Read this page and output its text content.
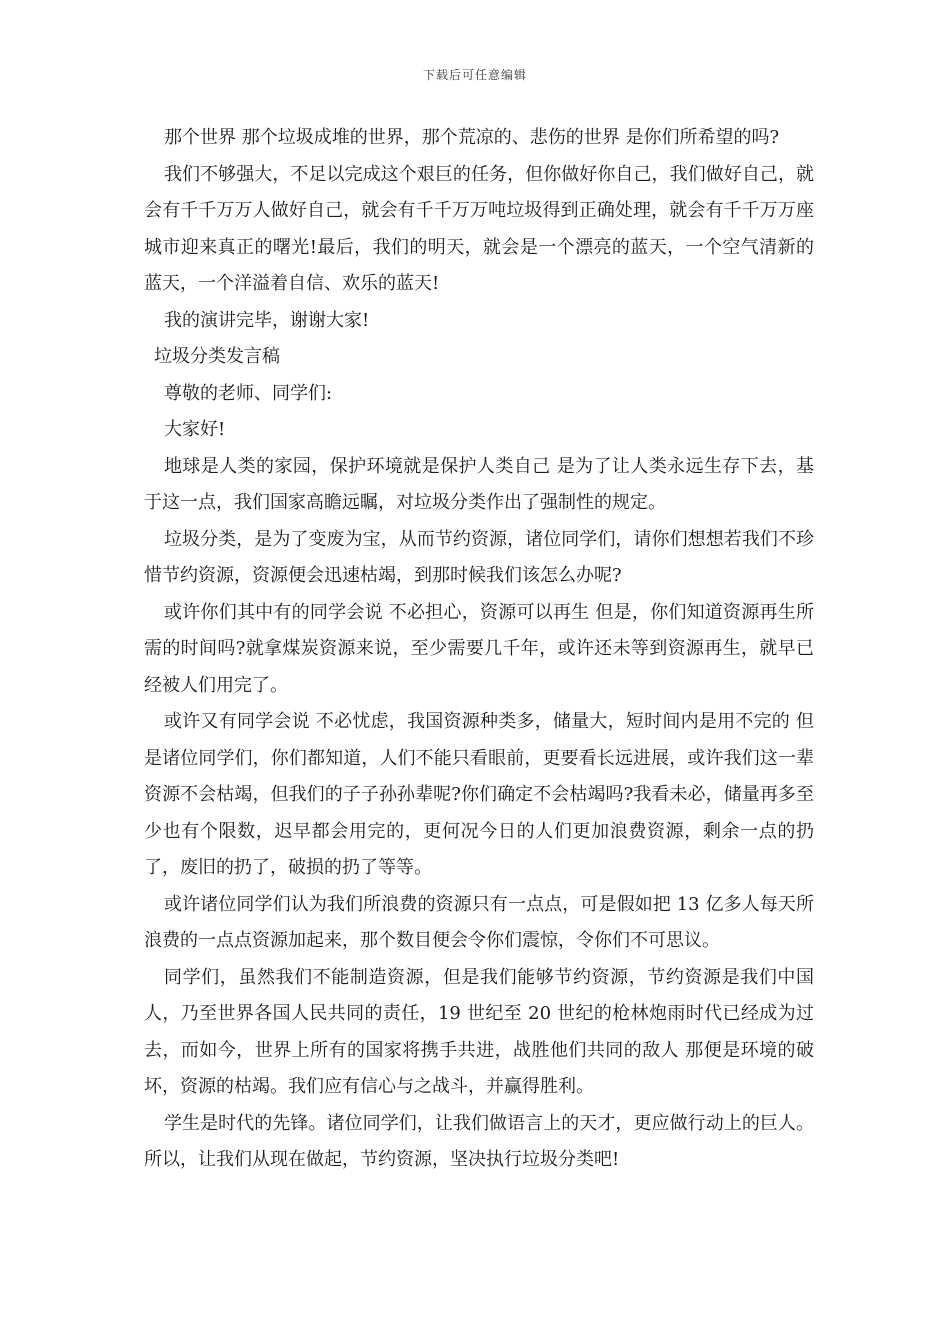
下载后可任意编辑

那个世界 那个垃圾成堆的世界，那个荒凉的、悲伤的世界 是你们所希望的吗?

我们不够强大，不足以完成这个艰巨的任务，但你做好你自己，我们做好自己，就会有千千万万人做好自己，就会有千千万万吨垃圾得到正确处理，就会有千千万万座城市迎来真正的曙光!最后，我们的明天，就会是一个漂亮的蓝天，一个空气清新的蓝天，一个洋溢着自信、欢乐的蓝天!

我的演讲完毕，谢谢大家!

垃圾分类发言稿

尊敬的老师、同学们:

大家好!

地球是人类的家园，保护环境就是保护人类自己 是为了让人类永远生存下去，基于这一点，我们国家高瞻远瞩，对垃圾分类作出了强制性的规定。

垃圾分类，是为了变废为宝，从而节约资源，诸位同学们，请你们想想若我们不珍惜节约资源，资源便会迅速枯竭，到那时候我们该怎么办呢?

或许你们其中有的同学会说 不必担心，资源可以再生 但是，你们知道资源再生所需的时间吗?就拿煤炭资源来说，至少需要几千年，或许还未等到资源再生，就早已经被人们用完了。

或许又有同学会说 不必忧虑，我国资源种类多，储量大，短时间内是用不完的 但是诸位同学们，你们都知道，人们不能只看眼前，更要看长远进展，或许我们这一辈资源不会枯竭，但我们的子子孙孙辈呢?你们确定不会枯竭吗?我看未必，储量再多至少也有个限数，迟早都会用完的，更何况今日的人们更加浪费资源，剩余一点的扔了，废旧的扔了，破损的扔了等等。

或许诸位同学们认为我们所浪费的资源只有一点点，可是假如把 13 亿多人每天所浪费的一点点资源加起来，那个数目便会令你们震惊，令你们不可思议。

同学们，虽然我们不能制造资源，但是我们能够节约资源，节约资源是我们中国人，乃至世界各国人民共同的责任，19 世纪至 20 世纪的枪林炮雨时代已经成为过去，而如今，世界上所有的国家将携手共进，战胜他们共同的敌人 那便是环境的破坏，资源的枯竭。我们应有信心与之战斗，并赢得胜利。

学生是时代的先锋。诸位同学们，让我们做语言上的天才，更应做行动上的巨人。所以，让我们从现在做起，节约资源，坚决执行垃圾分类吧!
